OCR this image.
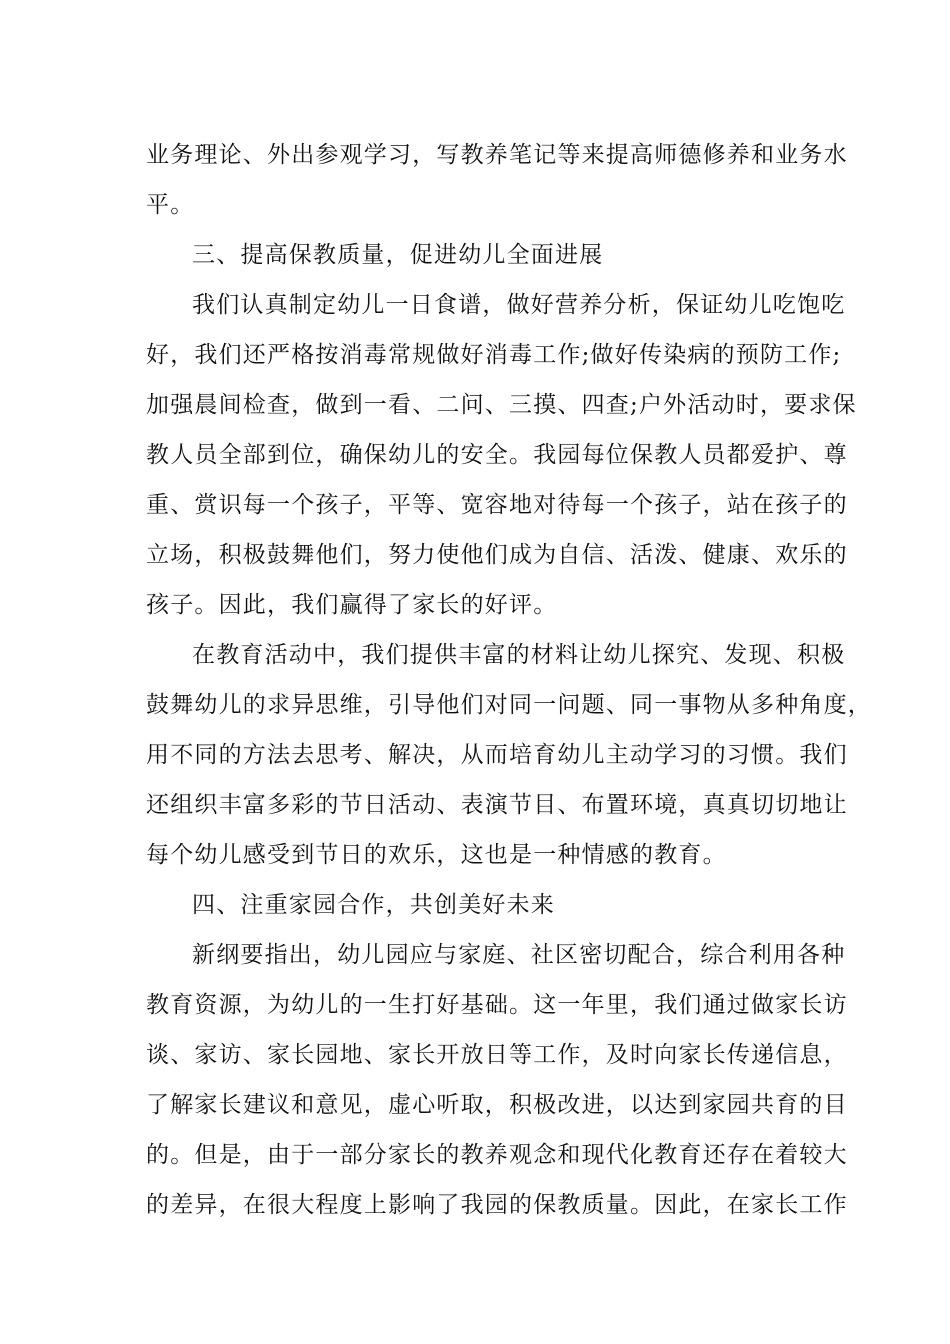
业务理论、外出参观学习，写教养笔记等来提高师德修养和业务水
平。
三、提高保教质量，促进幼儿全面进展
我们认真制定幼儿一日食谱，做好营养分析，保证幼儿吃饱吃
好，我们还严格按消毒常规做好消毒工作;做好传染病的预防工作;
加强晨间检查，做到一看、二问、三摸、四查;户外活动时，要求保
教人员全部到位，确保幼儿的安全。我园每位保教人员都爱护、尊
重、赏识每一个孩子，平等、宽容地对待每一个孩子，站在孩子的
立场，积极鼓舞他们，努力使他们成为自信、活泼、健康、欢乐的
孩子。因此，我们赢得了家长的好评。
在教育活动中，我们提供丰富的材料让幼儿探究、发现、积极
鼓舞幼儿的求异思维，引导他们对同一问题、同一事物从多种角度，
用不同的方法去思考、解决，从而培育幼儿主动学习的习惯。我们
还组织丰富多彩的节日活动、表演节目、布置环境，真真切切地让
每个幼儿感受到节日的欢乐，这也是一种情感的教育。
四、注重家园合作，共创美好未来
新纲要指出，幼儿园应与家庭、社区密切配合，综合利用各种
教育资源，为幼儿的一生打好基础。这一年里，我们通过做家长访
谈、家访、家长园地、家长开放日等工作，及时向家长传递信息，
了解家长建议和意见，虚心听取，积极改进，以达到家园共育的目
的。但是，由于一部分家长的教养观念和现代化教育还存在着较大
的差异，在很大程度上影响了我园的保教质量。因此，在家长工作
